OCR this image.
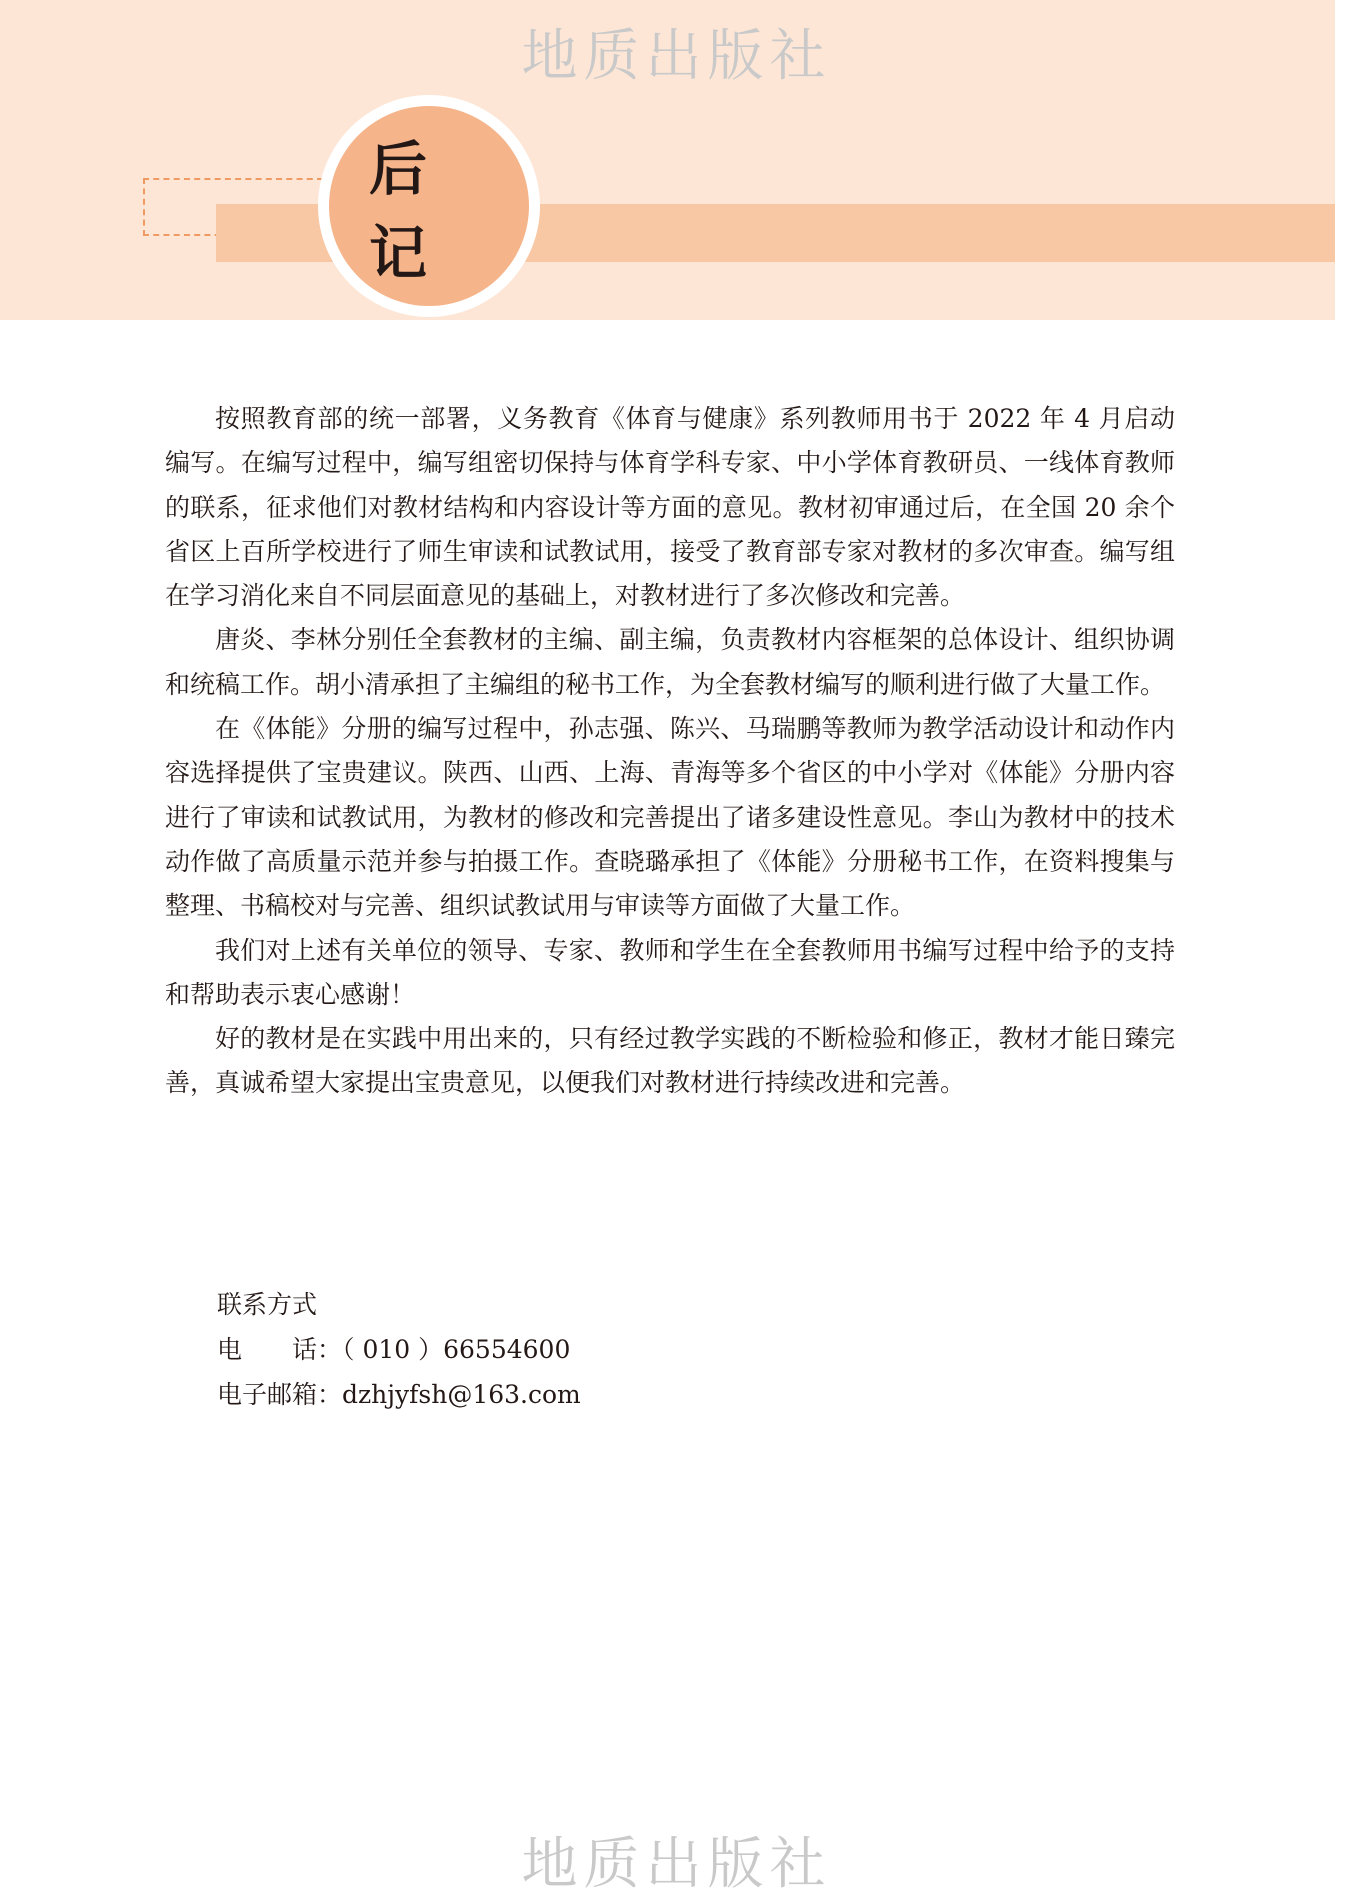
地质出版社
后记

按照教育部的统一部署，义务教育《体育与健康》系列教师用书于 2022 年 4 月启动编写。在编写过程中，编写组密切保持与体育学科专家、中小学体育教研员、一线体育教师的联系，征求他们对教材结构和内容设计等方面的意见。教材初审通过后，在全国 20 余个省区上百所学校进行了师生审读和试教试用，接受了教育部专家对教材的多次审查。编写组在学习消化来自不同层面意见的基础上，对教材进行了多次修改和完善。

唐炎、李林分别任全套教材的主编、副主编，负责教材内容框架的总体设计、组织协调和统稿工作。胡小清承担了主编组的秘书工作，为全套教材编写的顺利进行做了大量工作。

在《体能》分册的编写过程中，孙志强、陈兴、马瑞鹏等教师为教学活动设计和动作内容选择提供了宝贵建议。陕西、山西、上海、青海等多个省区的中小学对《体能》分册内容进行了审读和试教试用，为教材的修改和完善提出了诸多建设性意见。李山为教材中的技术动作做了高质量示范并参与拍摄工作。查晓璐承担了《体能》分册秘书工作，在资料搜集与整理、书稿校对与完善、组织试教试用与审读等方面做了大量工作。

我们对上述有关单位的领导、专家、教师和学生在全套教师用书编写过程中给予的支持和帮助表示衷心感谢！

好的教材是在实践中用出来的，只有经过教学实践的不断检验和修正，教材才能日臻完善，真诚希望大家提出宝贵意见，以便我们对教材进行持续改进和完善。

联系方式
电　　话：（ 010 ）66554600
电子邮箱：dzhjyfsh@163.com
地质出版社
